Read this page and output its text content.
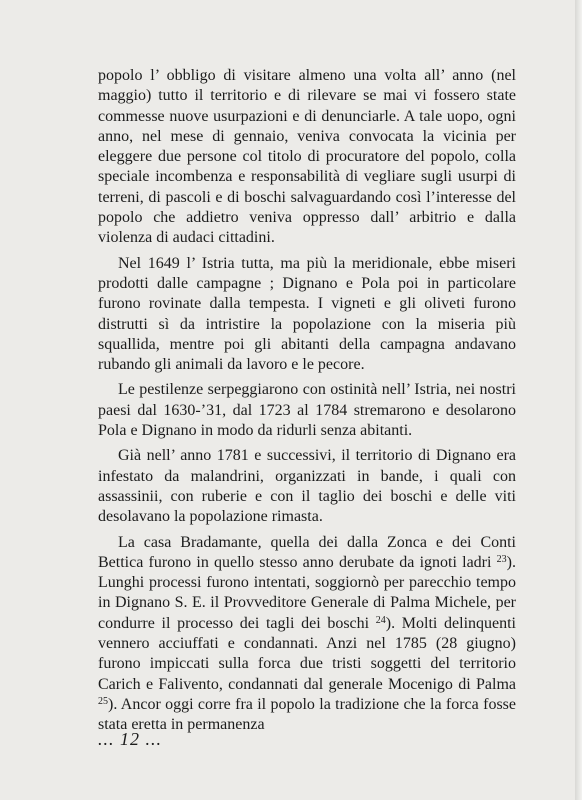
popolo l’ obbligo di visitare almeno una volta all’ anno (nel maggio) tutto il territorio e di rilevare se mai vi fossero state commesse nuove usurpazioni e di denunciarle. A tale uopo, ogni anno, nel mese di gennaio, veniva convocata la vicinia per eleggere due persone col titolo di procuratore del popolo, colla speciale incombenza e responsabilità di vegliare sugli usurpi di terreni, di pascoli e di boschi salvaguardando così l’interesse del popolo che addietro veniva oppresso dall’ arbitrio e dalla violenza di audaci cittadini.

Nel 1649 l’ Istria tutta, ma più la meridionale, ebbe miseri prodotti dalle campagne ; Dignano e Pola poi in particolare furono rovinate dalla tempesta. I vigneti e gli oliveti furono distrutti sì da intristire la popolazione con la miseria più squallida, mentre poi gli abitanti della campagna andavano rubando gli animali da lavoro e le pecore.

Le pestilenze serpeggiarono con ostinità nell’ Istria, nei nostri paesi dal 1630-’31, dal 1723 al 1784 stremarono e desolarono Pola e Dignano in modo da ridurli senza abitanti.

Già nell’ anno 1781 e successivi, il territorio di Dignano era infestato da malandrini, organizzati in bande, i quali con assassinii, con ruberie e con il taglio dei boschi e delle viti desolavano la popolazione rimasta.

La casa Bradamante, quella dei dalla Zonca e dei Conti Bettica furono in quello stesso anno derubate da ignoti ladri $^{23}$). Lunghi processi furono intentati, soggiornò per parecchio tempo in Dignano S. E. il Provveditore Generale di Palma Michele, per condurre il processo dei tagli dei boschi $^{24}$). Molti delinquenti vennero acciuffati e condannati. Anzi nel 1785 (28 giugno) furono impiccati sulla forca due tristi soggetti del territorio Carich e Falivento, condannati dal generale Mocenigo di Palma $^{25}$). Ancor oggi corre fra il popolo la tradizione che la forca fosse stata eretta in permanenza

... 12 ...
